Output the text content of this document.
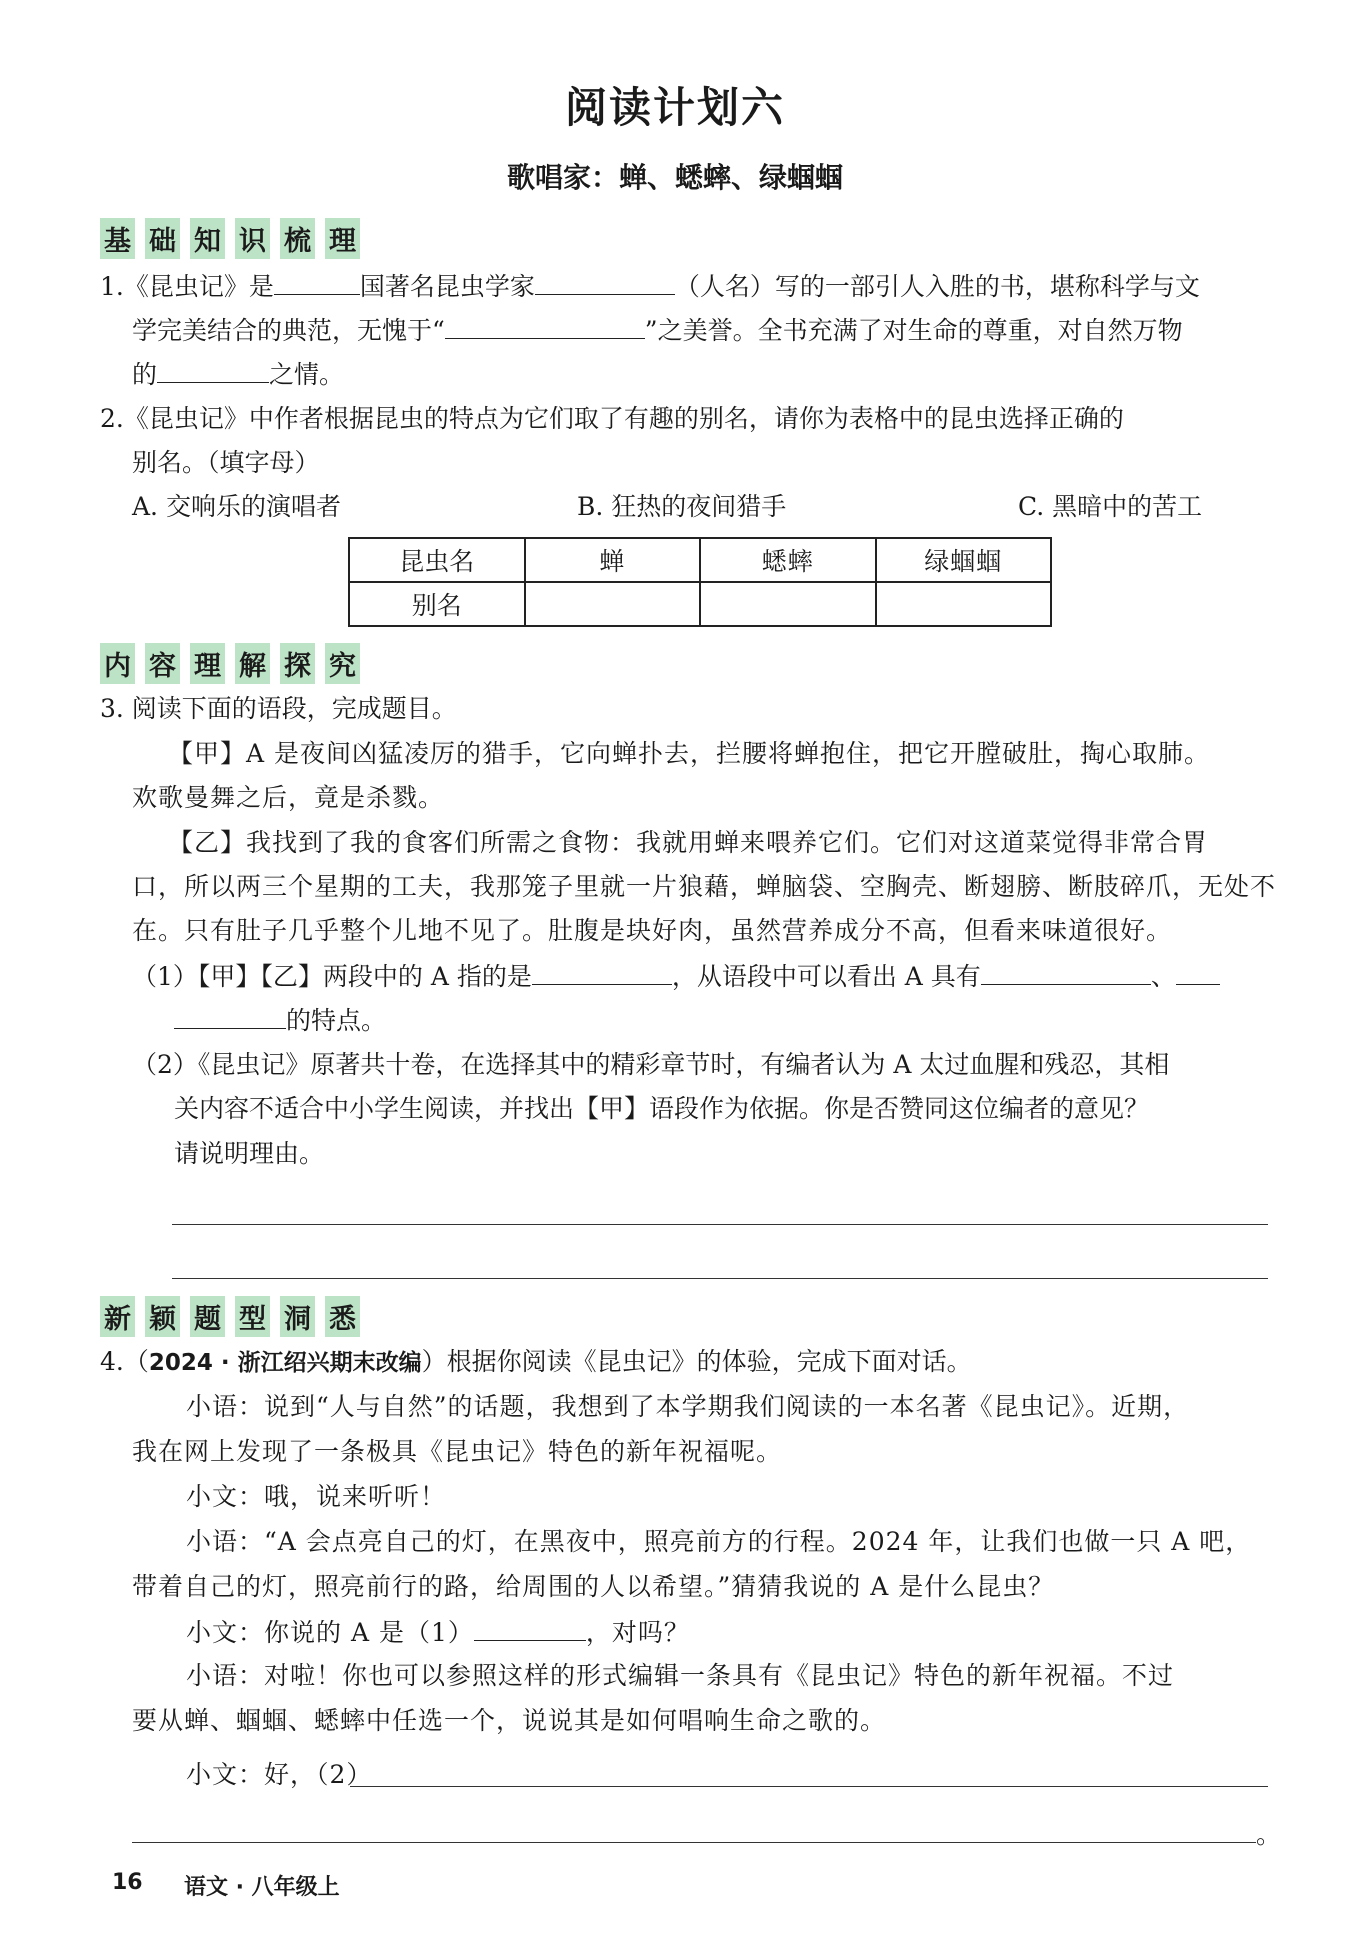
阅读计划六
歌唱家：蝉、蟋蟀、绿蝈蝈
基 础 知 识 梳 理
1.《昆虫记》是	国著名昆虫学家	（人名）写的一部引人入胜的书，堪称科学与文
学完美结合的典范，无愧于“	”之美誉。全书充满了对生命的尊重，对自然万物
的	之情。
2.《昆虫记》中作者根据昆虫的特点为它们取了有趣的别名，请你为表格中的昆虫选择正确的
别名。（填字母）
A. 交响乐的演唱者	B. 狂热的夜间猎手	C. 黑暗中的苦工
昆虫名	蝉	蟋蟀	绿蝈蝈
别名			
内 容 理 解 探 究
3. 阅读下面的语段，完成题目。
【甲】A 是夜间凶猛凌厉的猎手，它向蝉扑去，拦腰将蝉抱住，把它开膛破肚，掏心取肺。
欢歌曼舞之后，竟是杀戮。
【乙】我找到了我的食客们所需之食物：我就用蝉来喂养它们。它们对这道菜觉得非常合胃
口，所以两三个星期的工夫，我那笼子里就一片狼藉，蝉脑袋、空胸壳、断翅膀、断肢碎爪，无处不
在。只有肚子几乎整个儿地不见了。肚腹是块好肉，虽然营养成分不高，但看来味道很好。
（1）【甲】【乙】两段中的 A 指的是	，从语段中可以看出 A 具有	、
的特点。
（2）《昆虫记》原著共十卷，在选择其中的精彩章节时，有编者认为 A 太过血腥和残忍，其相
关内容不适合中小学生阅读，并找出【甲】语段作为依据。你是否赞同这位编者的意见？
请说明理由。
新 颖 题 型 洞 悉
4.（2024 · 浙江绍兴期末改编）根据你阅读《昆虫记》的体验，完成下面对话。
小语：说到“人与自然”的话题，我想到了本学期我们阅读的一本名著《昆虫记》。近期，
我在网上发现了一条极具《昆虫记》特色的新年祝福呢。
小文：哦，说来听听！
小语：“A 会点亮自己的灯，在黑夜中，照亮前方的行程。2024 年，让我们也做一只 A 吧，
带着自己的灯，照亮前行的路，给周围的人以希望。”猜猜我说的 A 是什么昆虫？
小文：你说的 A 是（1）	，对吗？
小语：对啦！你也可以参照这样的形式编辑一条具有《昆虫记》特色的新年祝福。不过
要从蝉、蝈蝈、蟋蟀中任选一个，说说其是如何唱响生命之歌的。
小文：好，（2）
。
16 语文 · 八年级上
